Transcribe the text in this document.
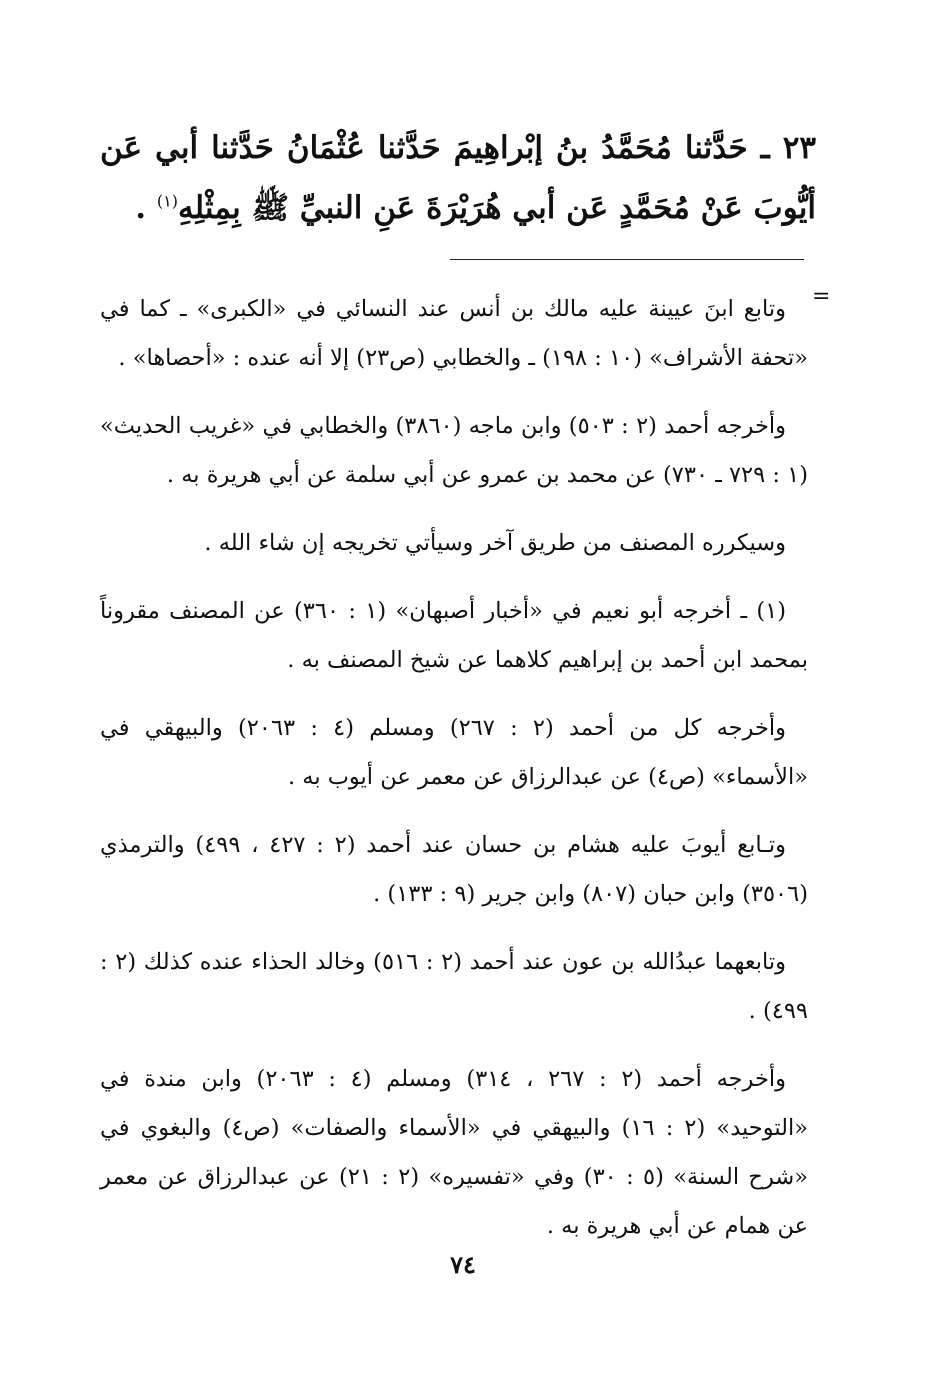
٢٣ ـ حَدَّثنا مُحَمَّدُ بنُ إبْراهِيمَ حَدَّثنا عُثْمَانُ حَدَّثنا أبي عَن أيُّوبَ عَنْ مُحَمَّدٍ عَن أبي هُرَيْرَةَ عَنِ النبيِّ ﷺ بِمِثْلِهِ$^{(١)}$ .
=

وتابع ابنَ عيينة عليه مالك بن أنس عند النسائي في «الكبرى» ـ كما في «تحفة الأشراف» (١٠ : ١٩٨) ـ والخطابي (ص٢٣) إلا أنه عنده : «أحصاها» .

وأخرجه أحمد (٢ : ٥٠٣) وابن ماجه (٣٨٦٠) والخطابي في «غريب الحديث» (١ : ٧٢٩ ـ ٧٣٠) عن محمد بن عمرو عن أبي سلمة عن أبي هريرة به .

وسيكرره المصنف من طريق آخر وسيأتي تخريجه إن شاء الله .

(١) ـ أخرجه أبو نعيم في «أخبار أصبهان» (١ : ٣٦٠) عن المصنف مقروناً بمحمد ابن أحمد بن إبراهيم كلاهما عن شيخ المصنف به .

وأخرجه كل من أحمد (٢ : ٢٦٧) ومسلم (٤ : ٢٠٦٣) والبيهقي في «الأسماء» (ص٤) عن عبدالرزاق عن معمر عن أيوب به .

وتـابع أيوبَ عليه هشام بن حسان عند أحمد (٢ : ٤٢٧ ، ٤٩٩) والترمذي (٣٥٠٦) وابن حبان (٨٠٧) وابن جرير (٩ : ١٣٣) .

وتابعهما عبدُالله بن عون عند أحمد (٢ : ٥١٦) وخالد الحذاء عنده كذلك (٢ : ٤٩٩) .

وأخرجه أحمد (٢ : ٢٦٧ ، ٣١٤) ومسلم (٤ : ٢٠٦٣) وابن مندة في «التوحيد» (٢ : ١٦) والبيهقي في «الأسماء والصفات» (ص٤) والبغوي في «شرح السنة» (٥ : ٣٠) وفي «تفسيره» (٢ : ٢١) عن عبدالرزاق عن معمر عن همام عن أبي هريرة به .

٧٤
